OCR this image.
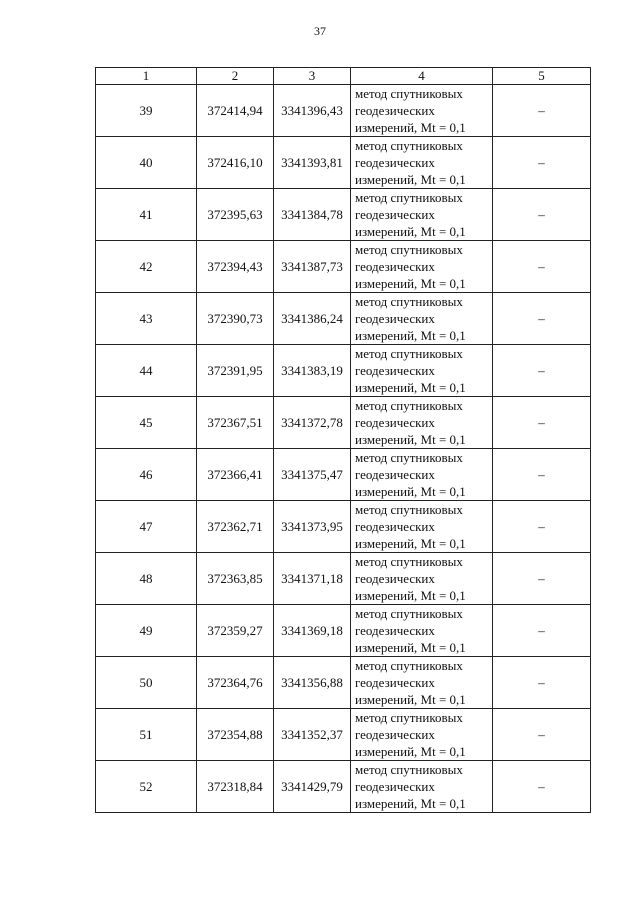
37
1	2	3	4	5
39	372414,94	3341396,43	метод спутниковых
геодезических
измерений, Mt = 0,1	–
40	372416,10	3341393,81	метод спутниковых
геодезических
измерений, Mt = 0,1	–
41	372395,63	3341384,78	метод спутниковых
геодезических
измерений, Mt = 0,1	–
42	372394,43	3341387,73	метод спутниковых
геодезических
измерений, Mt = 0,1	–
43	372390,73	3341386,24	метод спутниковых
геодезических
измерений, Mt = 0,1	–
44	372391,95	3341383,19	метод спутниковых
геодезических
измерений, Mt = 0,1	–
45	372367,51	3341372,78	метод спутниковых
геодезических
измерений, Mt = 0,1	–
46	372366,41	3341375,47	метод спутниковых
геодезических
измерений, Mt = 0,1	–
47	372362,71	3341373,95	метод спутниковых
геодезических
измерений, Mt = 0,1	–
48	372363,85	3341371,18	метод спутниковых
геодезических
измерений, Mt = 0,1	–
49	372359,27	3341369,18	метод спутниковых
геодезических
измерений, Mt = 0,1	–
50	372364,76	3341356,88	метод спутниковых
геодезических
измерений, Mt = 0,1	–
51	372354,88	3341352,37	метод спутниковых
геодезических
измерений, Mt = 0,1	–
52	372318,84	3341429,79	метод спутниковых
геодезических
измерений, Mt = 0,1	–
